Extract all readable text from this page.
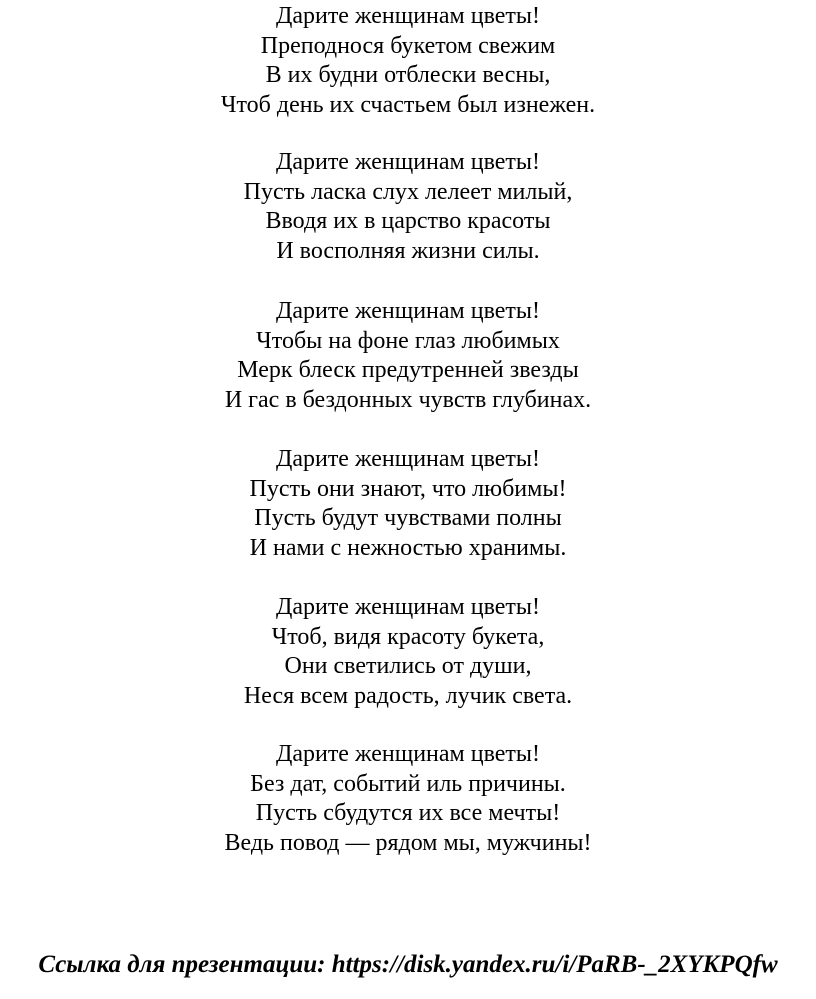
Дарите женщинам цветы!
Преподнося букетом свежим
В их будни отблески весны,
Чтоб день их счастьем был изнежен.
Дарите женщинам цветы!
Пусть ласка слух лелеет милый,
Вводя их в царство красоты
И восполняя жизни силы.
Дарите женщинам цветы!
Чтобы на фоне глаз любимых
Мерк блеск предутренней звезды
И гас в бездонных чувств глубинах.
Дарите женщинам цветы!
Пусть они знают, что любимы!
Пусть будут чувствами полны
И нами с нежностью хранимы.
Дарите женщинам цветы!
Чтоб, видя красоту букета,
Они светились от души,
Неся всем радость, лучик света.
Дарите женщинам цветы!
Без дат, событий иль причины.
Пусть сбудутся их все мечты!
Ведь повод — рядом мы, мужчины!
Ссылка для презентации: https://disk.yandex.ru/i/PaRB-_2XYKPQfw
